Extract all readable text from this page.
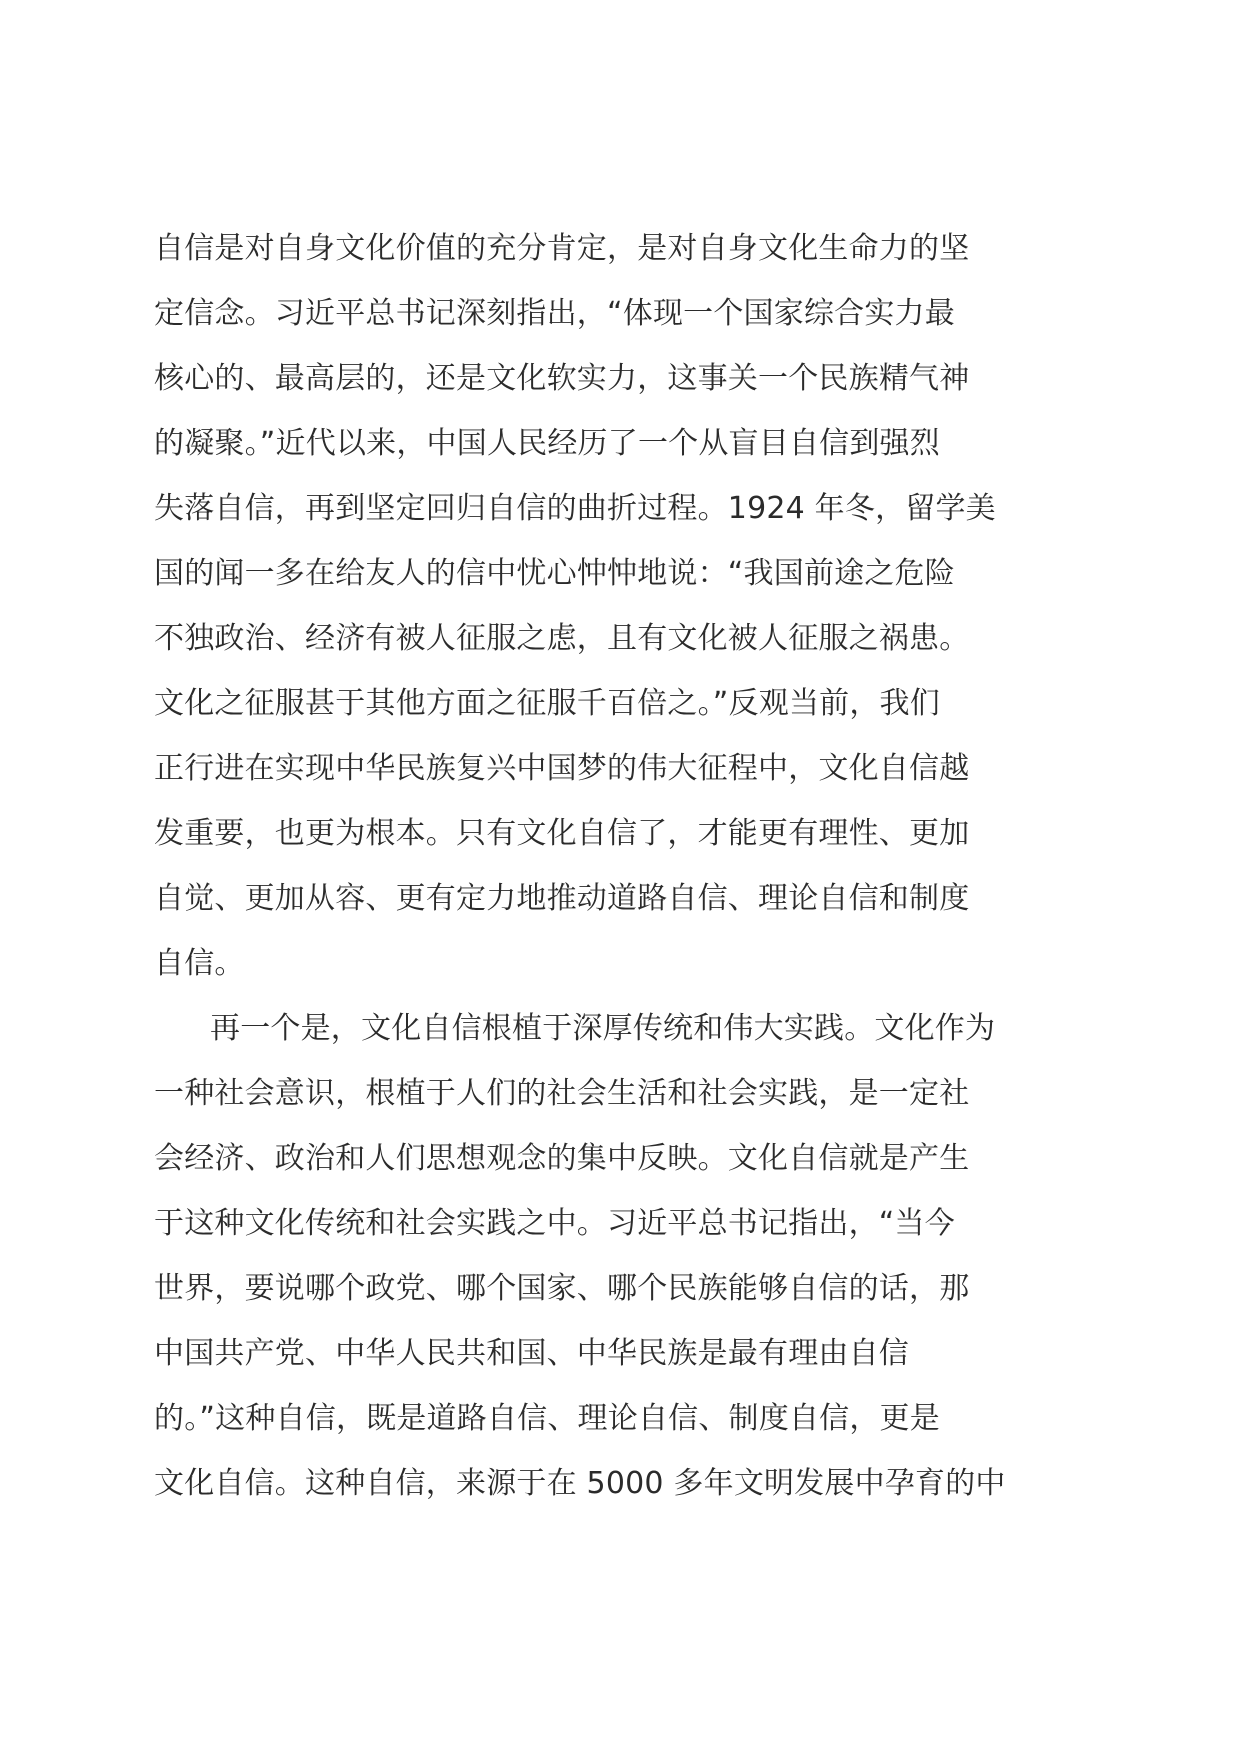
自信是对自身文化价值的充分肯定，是对自身文化生命力的坚

定信念。习近平总书记深刻指出，“体现一个国家综合实力最

核心的、最高层的，还是文化软实力，这事关一个民族精气神

的凝聚。”近代以来，中国人民经历了一个从盲目自信到强烈

失落自信，再到坚定回归自信的曲折过程。1924 年冬，留学美

国的闻一多在给友人的信中忧心忡忡地说：“我国前途之危险

不独政治、经济有被人征服之虑，且有文化被人征服之祸患。

文化之征服甚于其他方面之征服千百倍之。”反观当前，我们

正行进在实现中华民族复兴中国梦的伟大征程中，文化自信越

发重要，也更为根本。只有文化自信了，才能更有理性、更加

自觉、更加从容、更有定力地推动道路自信、理论自信和制度

自信。

再一个是，文化自信根植于深厚传统和伟大实践。文化作为

一种社会意识，根植于人们的社会生活和社会实践，是一定社

会经济、政治和人们思想观念的集中反映。文化自信就是产生

于这种文化传统和社会实践之中。习近平总书记指出，“当今

世界，要说哪个政党、哪个国家、哪个民族能够自信的话，那

中国共产党、中华人民共和国、中华民族是最有理由自信

的。”这种自信，既是道路自信、理论自信、制度自信，更是

文化自信。这种自信，来源于在 5000 多年文明发展中孕育的中
